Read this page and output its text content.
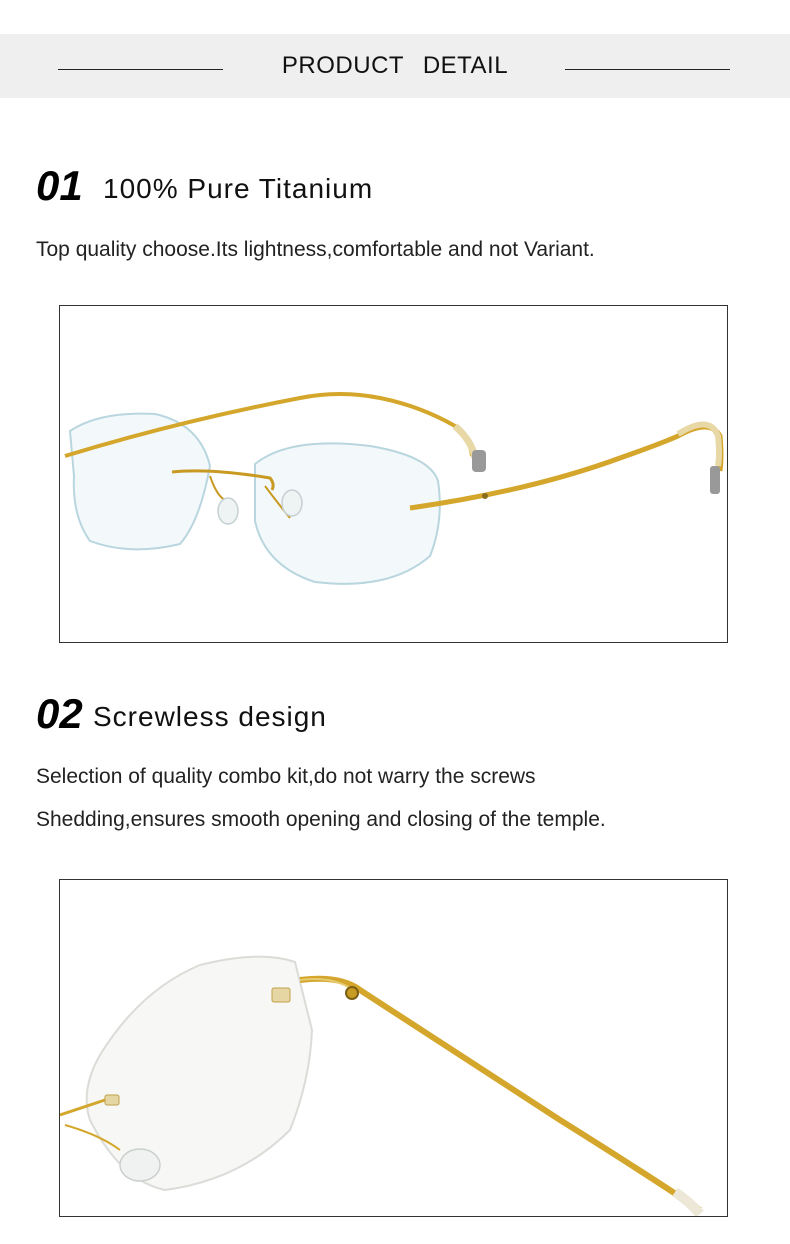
PRODUCT DETAIL
01 100% Pure Titanium
Top quality choose.Its lightness,comfortable and not Variant.
02 Screwless design
Selection of quality combo kit,do not warry the screws
Shedding,ensures smooth opening and closing of the temple.
